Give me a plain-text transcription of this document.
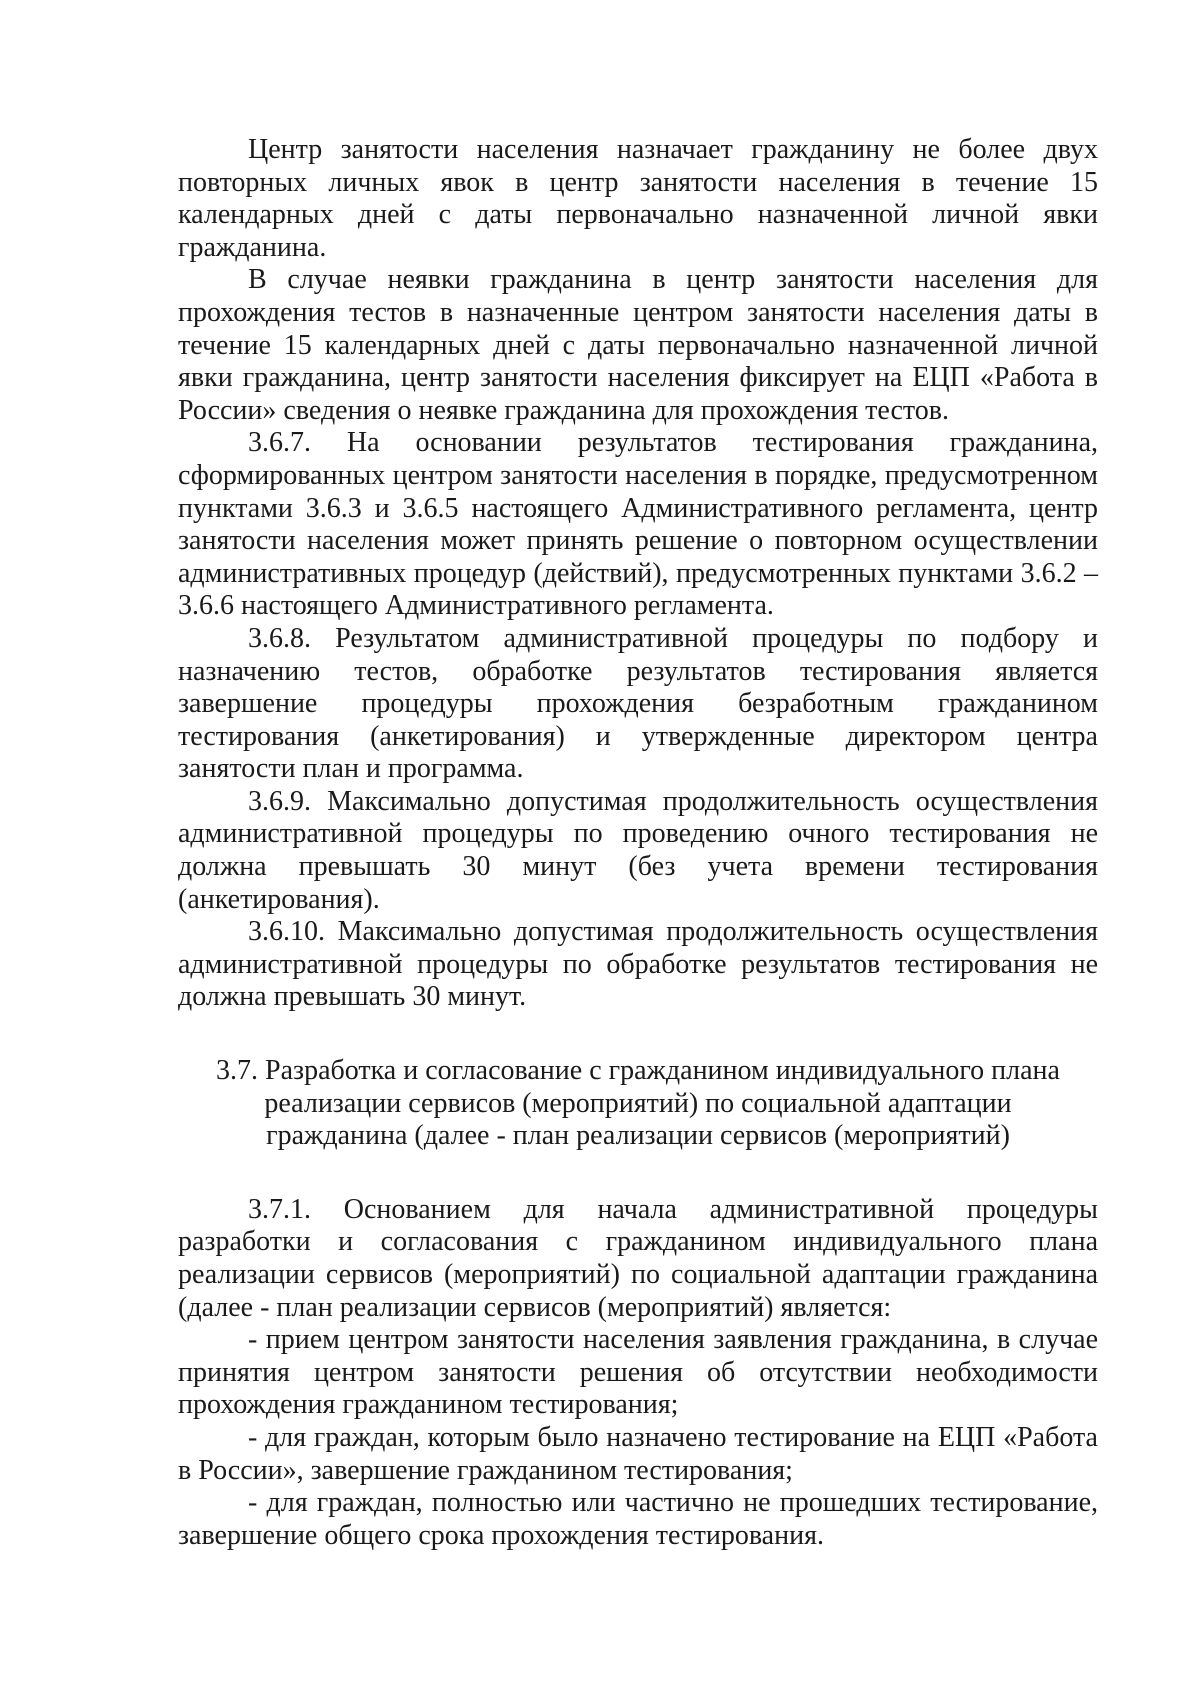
Центр занятости населения назначает гражданину не более двух повторных личных явок в центр занятости населения в течение 15 календарных дней с даты первоначально назначенной личной явки гражданина.

В случае неявки гражданина в центр занятости населения для прохождения тестов в назначенные центром занятости населения даты в течение 15 календарных дней с даты первоначально назначенной личной явки гражданина, центр занятости населения фиксирует на ЕЦП «Работа в России» сведения о неявке гражданина для прохождения тестов.

3.6.7. На основании результатов тестирования гражданина, сформированных центром занятости населения в порядке, предусмотренном пунктами 3.6.3 и 3.6.5 настоящего Административного регламента, центр занятости населения может принять решение о повторном осуществлении административных процедур (действий), предусмотренных пунктами 3.6.2 – 3.6.6 настоящего Административного регламента.

3.6.8. Результатом административной процедуры по подбору и назначению тестов, обработке результатов тестирования является завершение процедуры прохождения безработным гражданином тестирования (анкетирования) и утвержденные директором центра занятости план и программа.

3.6.9. Максимально допустимая продолжительность осуществления административной процедуры по проведению очного тестирования не должна превышать 30 минут (без учета времени тестирования (анкетирования).

3.6.10. Максимально допустимая продолжительность осуществления административной процедуры по обработке результатов тестирования не должна превышать 30 минут.

3.7. Разработка и согласование с гражданином индивидуального плана реализации сервисов (мероприятий) по социальной адаптации гражданина (далее - план реализации сервисов (мероприятий)

3.7.1. Основанием для начала административной процедуры разработки и согласования с гражданином индивидуального плана реализации сервисов (мероприятий) по социальной адаптации гражданина (далее - план реализации сервисов (мероприятий) является:

- прием центром занятости населения заявления гражданина, в случае принятия центром занятости решения об отсутствии необходимости прохождения гражданином тестирования;

- для граждан, которым было назначено тестирование на ЕЦП «Работа в России», завершение гражданином тестирования;

- для граждан, полностью или частично не прошедших тестирование, завершение общего срока прохождения тестирования.
